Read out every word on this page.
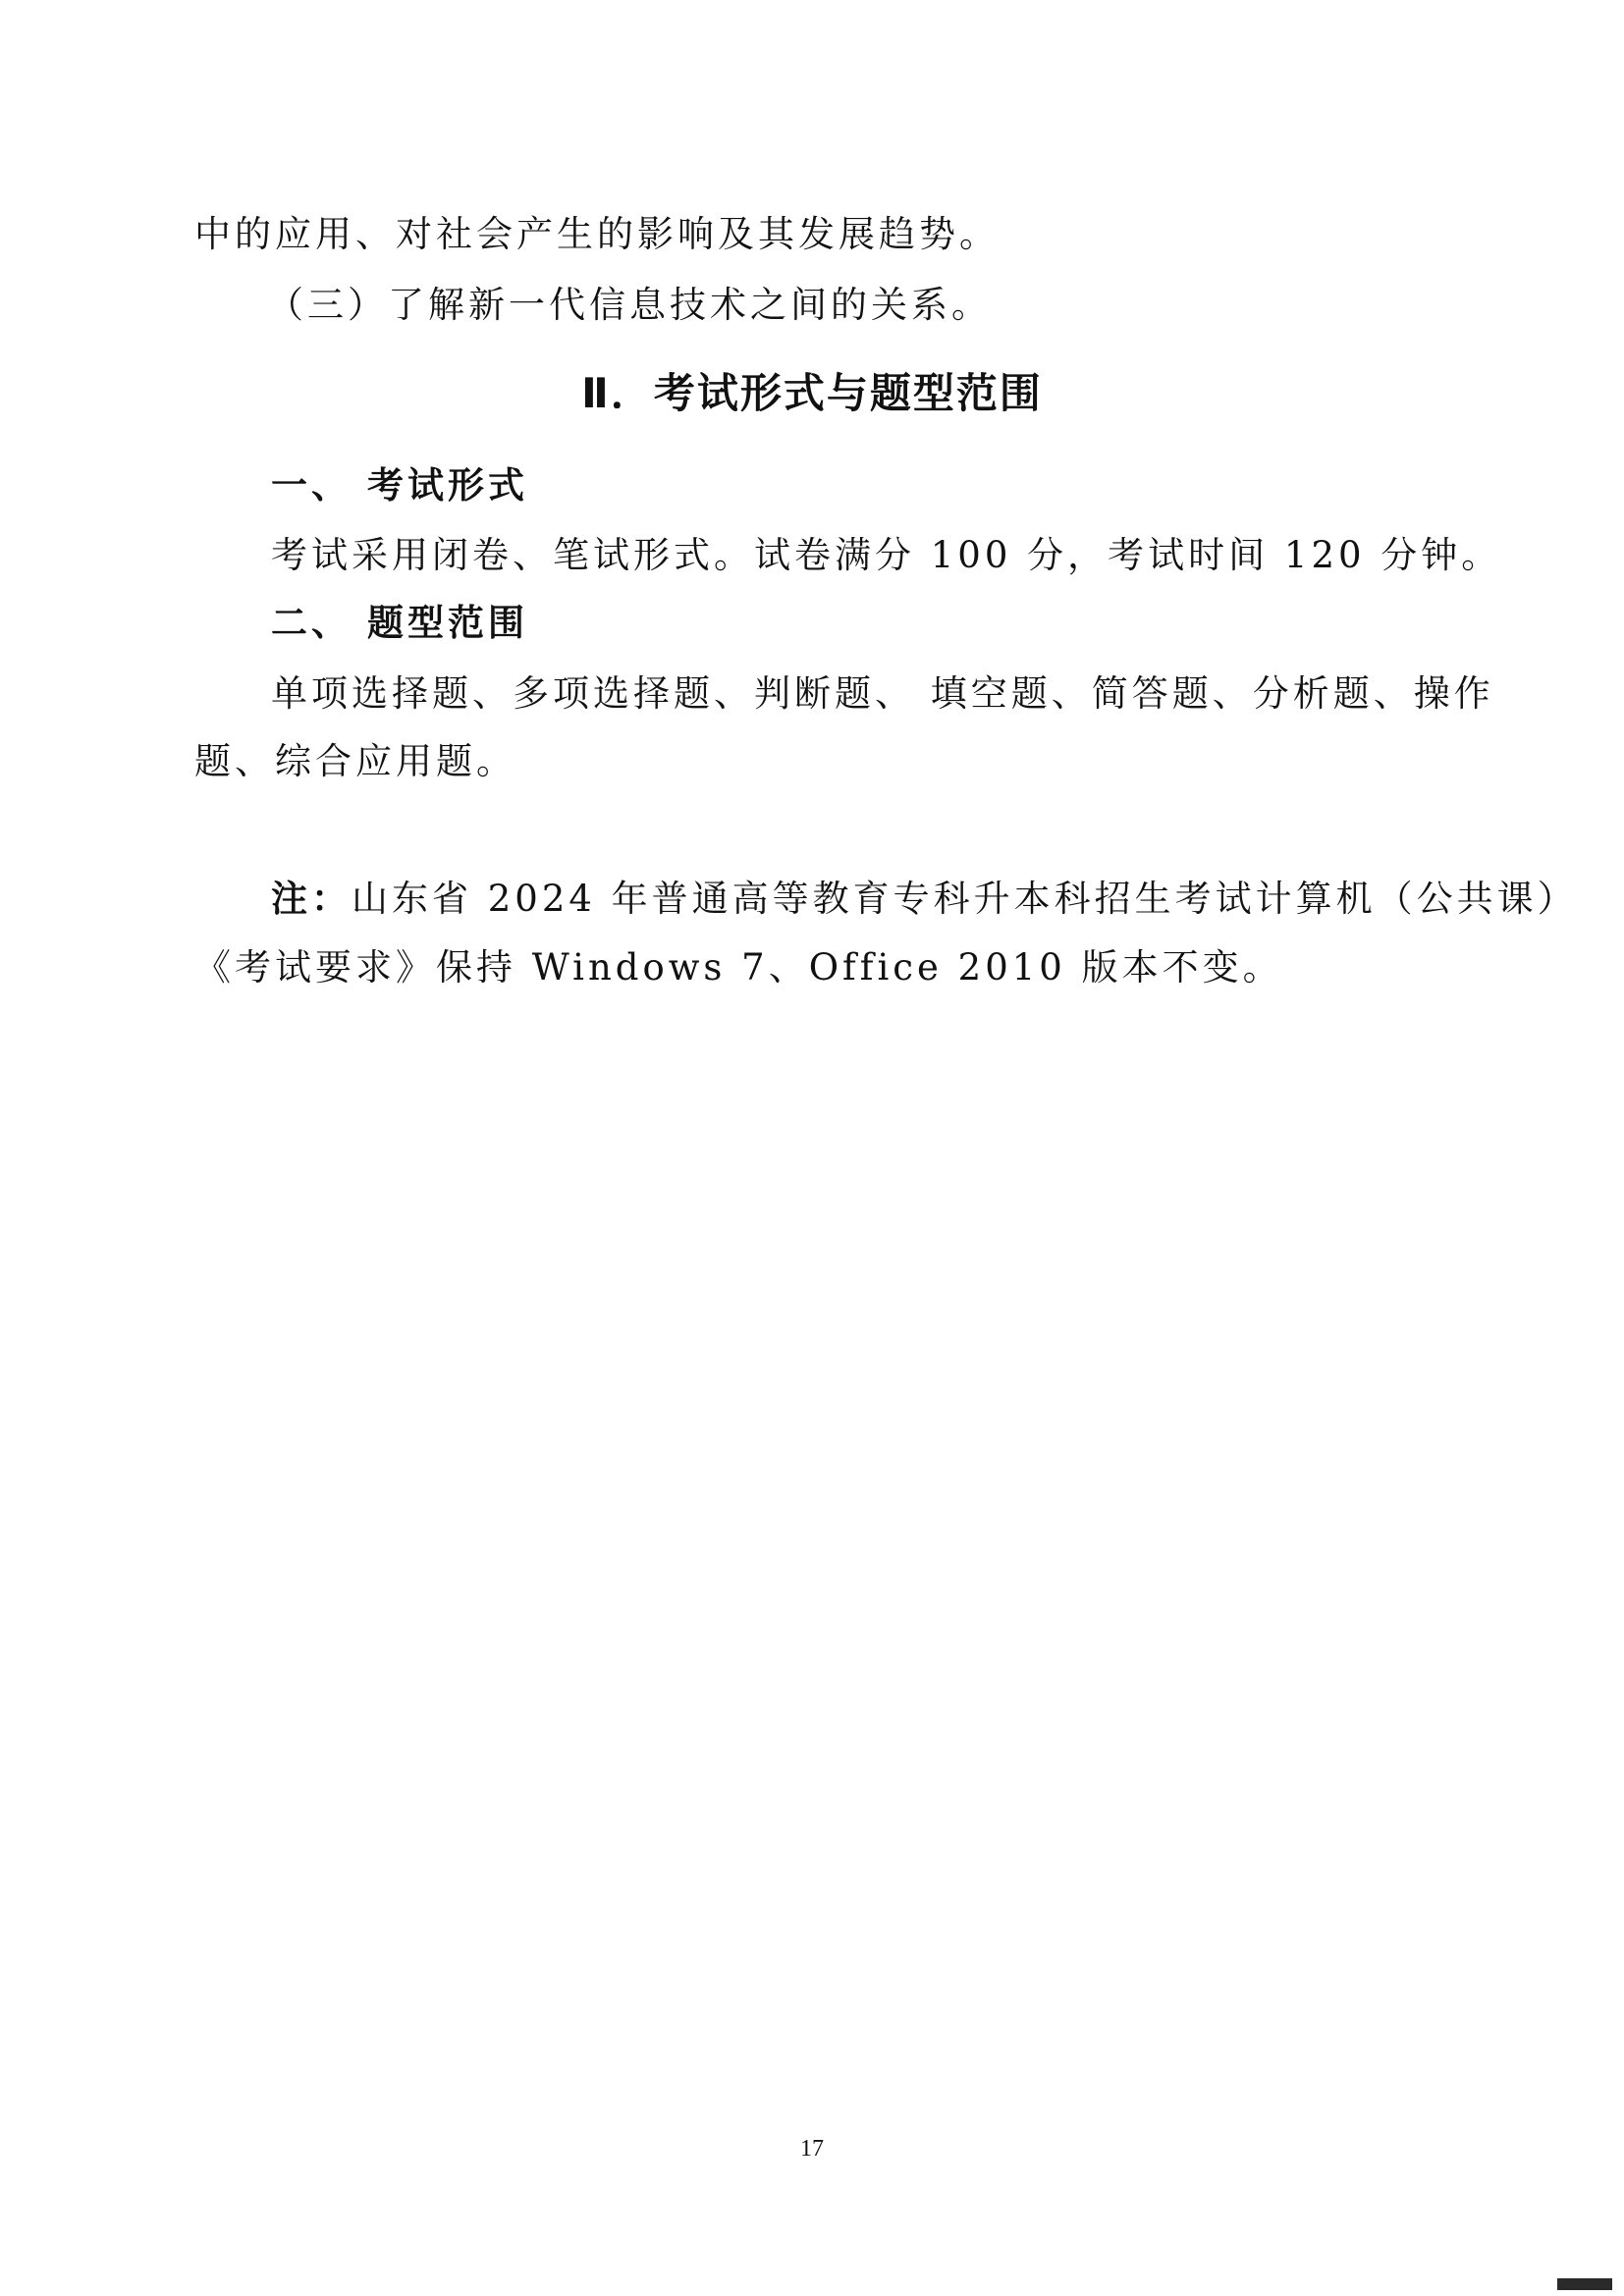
中的应用、对社会产生的影响及其发展趋势。
（三）了解新一代信息技术之间的关系。
Ⅱ．考试形式与题型范围
一、 考试形式
考试采用闭卷、笔试形式。试卷满分 100 分，考试时间 120 分钟。
二、 题型范围
单项选择题、多项选择题、判断题、 填空题、简答题、分析题、操作
题、综合应用题。
注：山东省 2024 年普通高等教育专科升本科招生考试计算机（公共课）
《考试要求》保持 Windows 7、Office 2010 版本不变。
17
